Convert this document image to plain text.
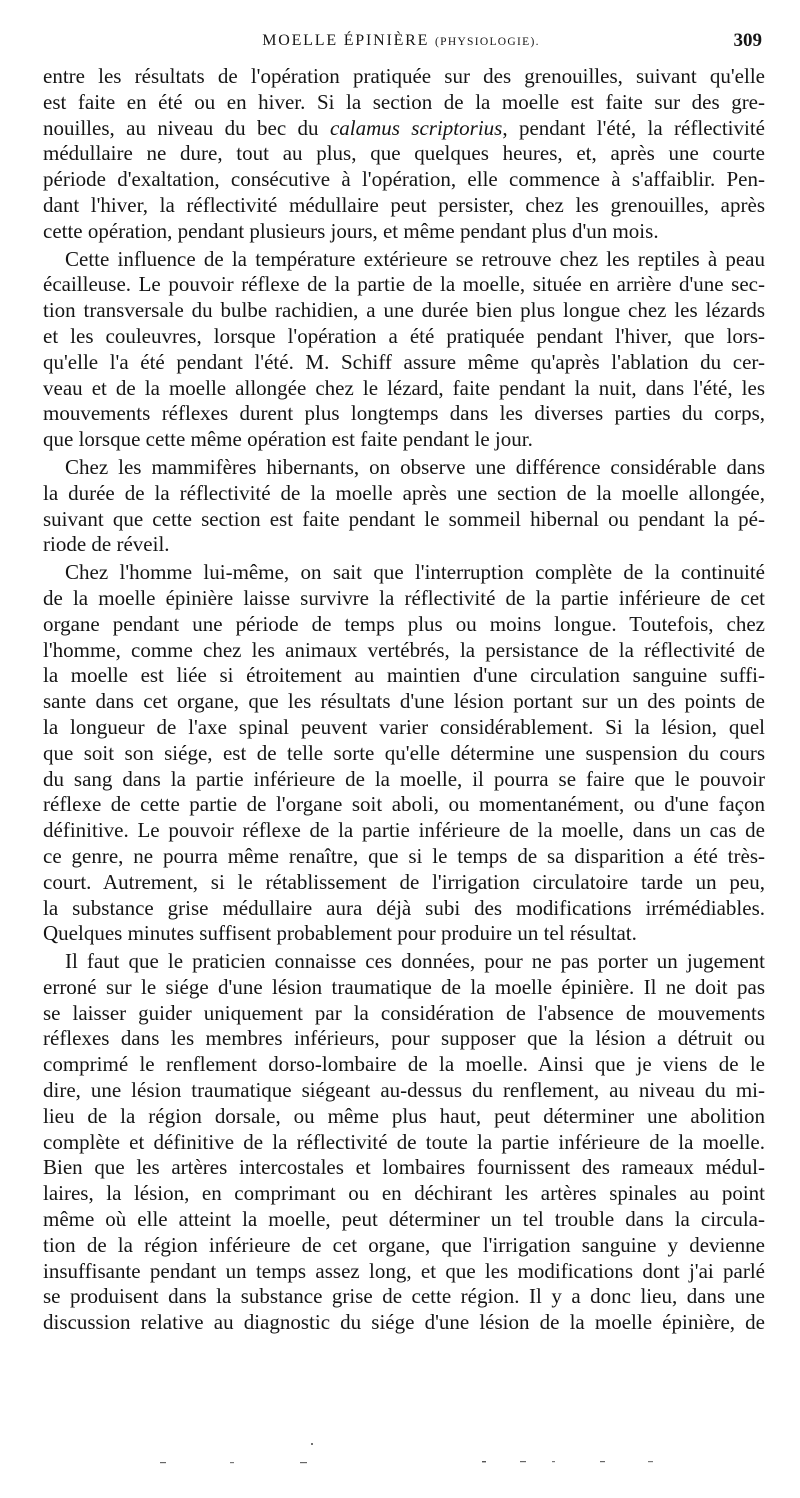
MOELLE ÉPINIÈRE (PHYSIOLOGIE).	309

entre les résultats de l'opération pratiquée sur des grenouilles, suivant qu'elle
est faite en été ou en hiver. Si la section de la moelle est faite sur des gre-
nouilles, au niveau du bec du calamus scriptorius, pendant l'été, la réflectivité
médullaire ne dure, tout au plus, que quelques heures, et, après une courte
période d'exaltation, consécutive à l'opération, elle commence à s'affaiblir. Pen-
dant l'hiver, la réflectivité médullaire peut persister, chez les grenouilles, après
cette opération, pendant plusieurs jours, et même pendant plus d'un mois.

Cette influence de la température extérieure se retrouve chez les reptiles à peau
écailleuse. Le pouvoir réflexe de la partie de la moelle, située en arrière d'une sec-
tion transversale du bulbe rachidien, a une durée bien plus longue chez les lézards
et les couleuvres, lorsque l'opération a été pratiquée pendant l'hiver, que lors-
qu'elle l'a été pendant l'été. M. Schiff assure même qu'après l'ablation du cer-
veau et de la moelle allongée chez le lézard, faite pendant la nuit, dans l'été, les
mouvements réflexes durent plus longtemps dans les diverses parties du corps,
que lorsque cette même opération est faite pendant le jour.

Chez les mammifères hibernants, on observe une différence considérable dans
la durée de la réflectivité de la moelle après une section de la moelle allongée,
suivant que cette section est faite pendant le sommeil hibernal ou pendant la pé-
riode de réveil.

Chez l'homme lui-même, on sait que l'interruption complète de la continuité
de la moelle épinière laisse survivre la réflectivité de la partie inférieure de cet
organe pendant une période de temps plus ou moins longue. Toutefois, chez
l'homme, comme chez les animaux vertébrés, la persistance de la réflectivité de
la moelle est liée si étroitement au maintien d'une circulation sanguine suffi-
sante dans cet organe, que les résultats d'une lésion portant sur un des points de
la longueur de l'axe spinal peuvent varier considérablement. Si la lésion, quel
que soit son siége, est de telle sorte qu'elle détermine une suspension du cours
du sang dans la partie inférieure de la moelle, il pourra se faire que le pouvoir
réflexe de cette partie de l'organe soit aboli, ou momentanément, ou d'une façon
définitive. Le pouvoir réflexe de la partie inférieure de la moelle, dans un cas de
ce genre, ne pourra même renaître, que si le temps de sa disparition a été très-
court. Autrement, si le rétablissement de l'irrigation circulatoire tarde un peu,
la substance grise médullaire aura déjà subi des modifications irrémédiables.
Quelques minutes suffisent probablement pour produire un tel résultat.

Il faut que le praticien connaisse ces données, pour ne pas porter un jugement
erroné sur le siége d'une lésion traumatique de la moelle épinière. Il ne doit pas
se laisser guider uniquement par la considération de l'absence de mouvements
réflexes dans les membres inférieurs, pour supposer que la lésion a détruit ou
comprimé le renflement dorso-lombaire de la moelle. Ainsi que je viens de le
dire, une lésion traumatique siégeant au-dessus du renflement, au niveau du mi-
lieu de la région dorsale, ou même plus haut, peut déterminer une abolition
complète et définitive de la réflectivité de toute la partie inférieure de la moelle.
Bien que les artères intercostales et lombaires fournissent des rameaux médul-
laires, la lésion, en comprimant ou en déchirant les artères spinales au point
même où elle atteint la moelle, peut déterminer un tel trouble dans la circula-
tion de la région inférieure de cet organe, que l'irrigation sanguine y devienne
insuffisante pendant un temps assez long, et que les modifications dont j'ai parlé
se produisent dans la substance grise de cette région. Il y a donc lieu, dans une
discussion relative au diagnostic du siége d'une lésion de la moelle épinière, de
